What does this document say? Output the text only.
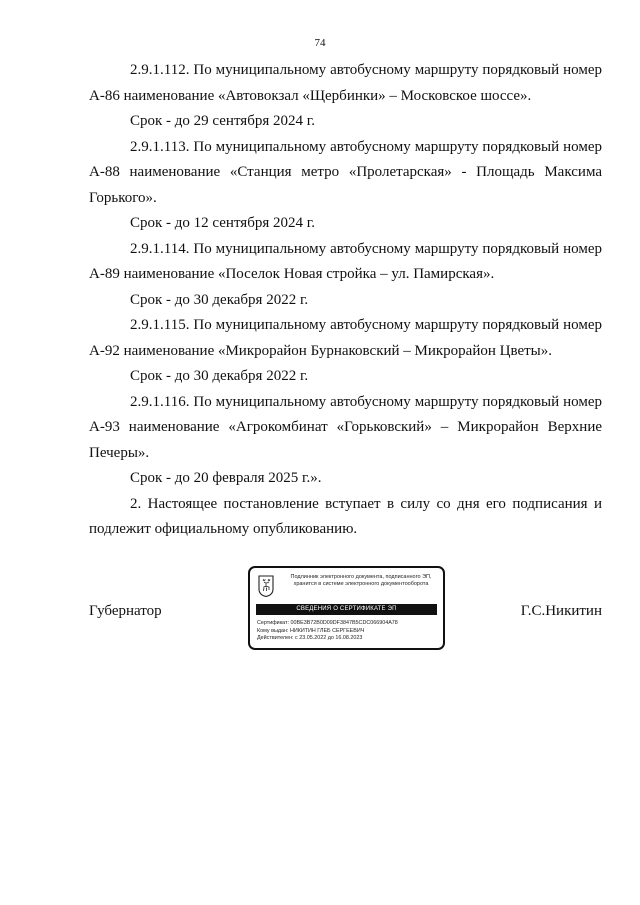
74

2.9.1.112. По муниципальному автобусному маршруту порядковый номер А-86 наименование «Автовокзал «Щербинки» – Московское шоссе».

Срок - до 29 сентября 2024 г.

2.9.1.113. По муниципальному автобусному маршруту порядковый номер А-88 наименование «Станция метро «Пролетарская» - Площадь Максима Горького».

Срок - до 12 сентября 2024 г.

2.9.1.114. По муниципальному автобусному маршруту порядковый номер А-89 наименование «Поселок Новая стройка – ул. Памирская».

Срок - до 30 декабря 2022 г.

2.9.1.115. По муниципальному автобусному маршруту порядковый номер А-92 наименование «Микрорайон Бурнаковский – Микрорайон Цветы».

Срок - до 30 декабря 2022 г.

2.9.1.116. По муниципальному автобусному маршруту порядковый номер А-93 наименование «Агрокомбинат «Горьковский» – Микрорайон Верхние Печеры».

Срок - до 20 февраля 2025 г.».

2. Настоящее постановление вступает в силу со дня его подписания и подлежит официальному опубликованию.

Губернатор
Подлинник электронного документа, подписанного ЭП,
хранится в системе электронного документооборота
СВЕДЕНИЯ О СЕРТИФИКАТЕ ЭП
Сертификат: 00BE3B72B0D09DF3847B5CDC066904A78
Кому выдан: НИКИТИН ГЛЕБ СЕРГЕЕВИЧ
Действителен: с 23.05.2022 до 16.08.2023
Г.С.Никитин
